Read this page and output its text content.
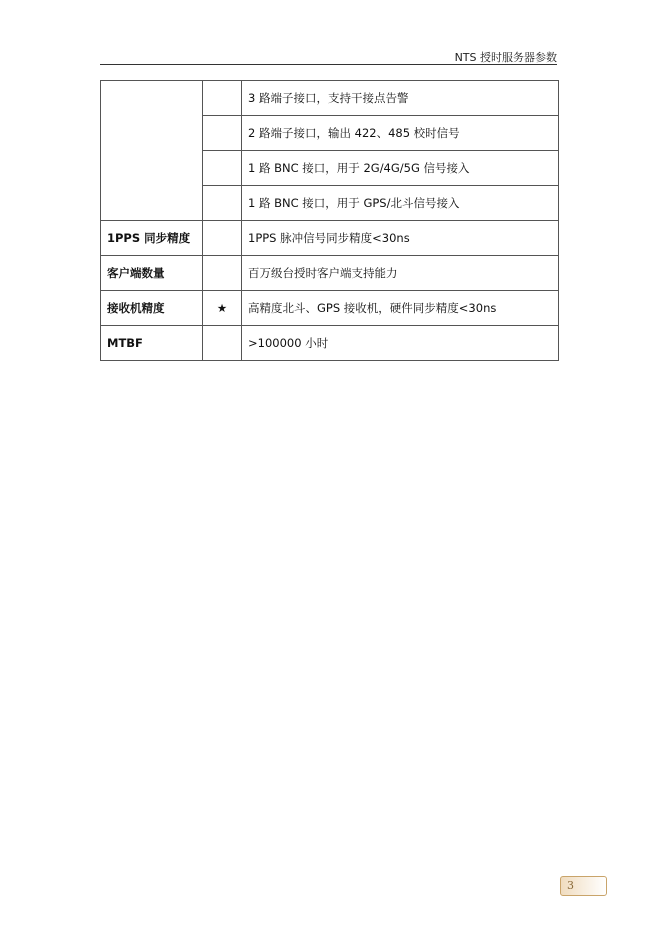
NTS 授时服务器参数
		3 路端子接口，支持干接点告警
		2 路端子接口，输出 422、485 校时信号
		1 路 BNC 接口，用于 2G/4G/5G 信号接入
		1 路 BNC 接口，用于 GPS/北斗信号接入
1PPS 同步精度		1PPS 脉冲信号同步精度<30ns
客户端数量		百万级台授时客户端支持能力
接收机精度	★	高精度北斗、GPS 接收机，硬件同步精度<30ns
MTBF		>100000 小时
3
